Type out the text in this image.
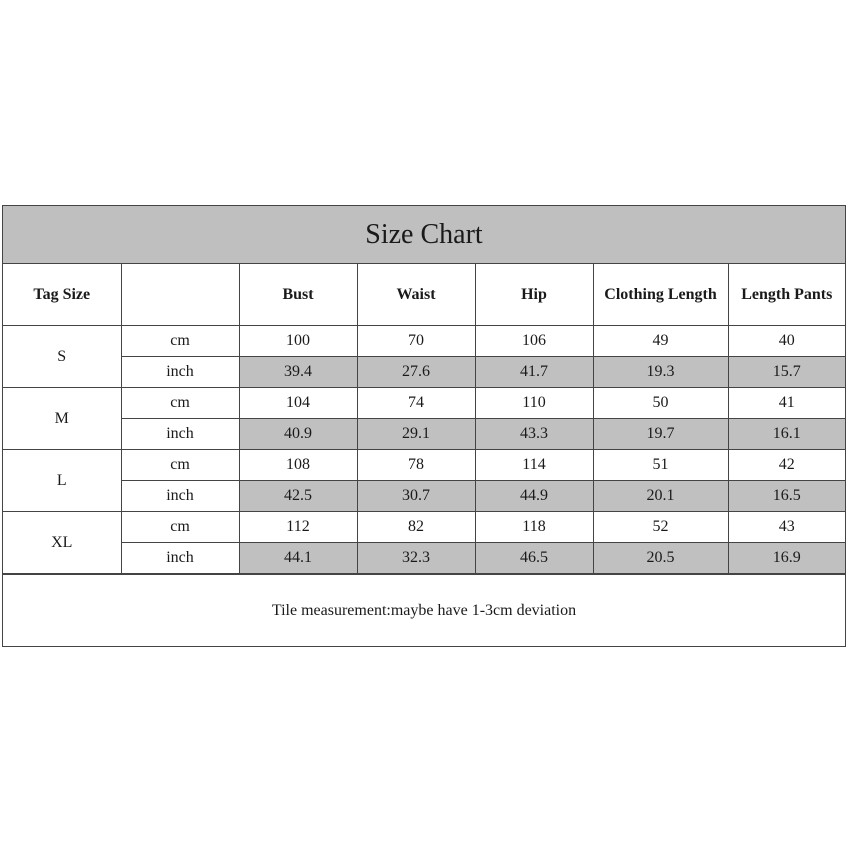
Size Chart
Tag Size		Bust	Waist	Hip	Clothing Length	Length Pants
S	cm	100	70	106	49	40
	inch	39.4	27.6	41.7	19.3	15.7
M	cm	104	74	110	50	41
	inch	40.9	29.1	43.3	19.7	16.1
L	cm	108	78	114	51	42
	inch	42.5	30.7	44.9	20.1	16.5
XL	cm	112	82	118	52	43
	inch	44.1	32.3	46.5	20.5	16.9
Tile measurement:maybe have 1-3cm deviation
